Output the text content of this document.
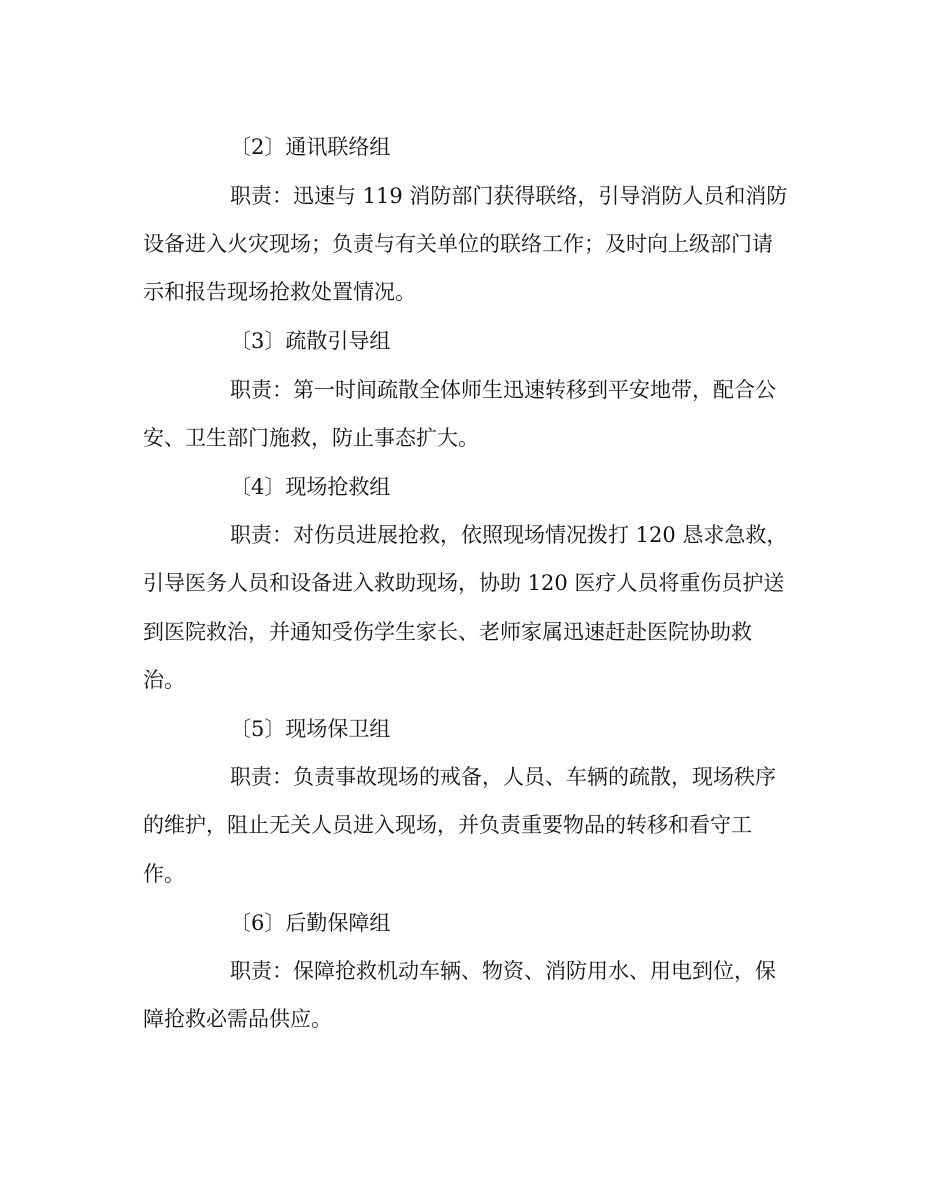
〔2〕通讯联络组
职责：迅速与 119 消防部门获得联络，引导消防人员和消防
设备进入火灾现场；负责与有关单位的联络工作；及时向上级部门请
示和报告现场抢救处置情况。
〔3〕疏散引导组
职责：第一时间疏散全体师生迅速转移到平安地带，配合公
安、卫生部门施救，防止事态扩大。
〔4〕现场抢救组
职责：对伤员进展抢救，依照现场情况拨打 120 恳求急救，
引导医务人员和设备进入救助现场，协助 120 医疗人员将重伤员护送
到医院救治，并通知受伤学生家长、老师家属迅速赶赴医院协助救
治。
〔5〕现场保卫组
职责：负责事故现场的戒备，人员、车辆的疏散，现场秩序
的维护，阻止无关人员进入现场，并负责重要物品的转移和看守工
作。
〔6〕后勤保障组
职责：保障抢救机动车辆、物资、消防用水、用电到位，保
障抢救必需品供应。
